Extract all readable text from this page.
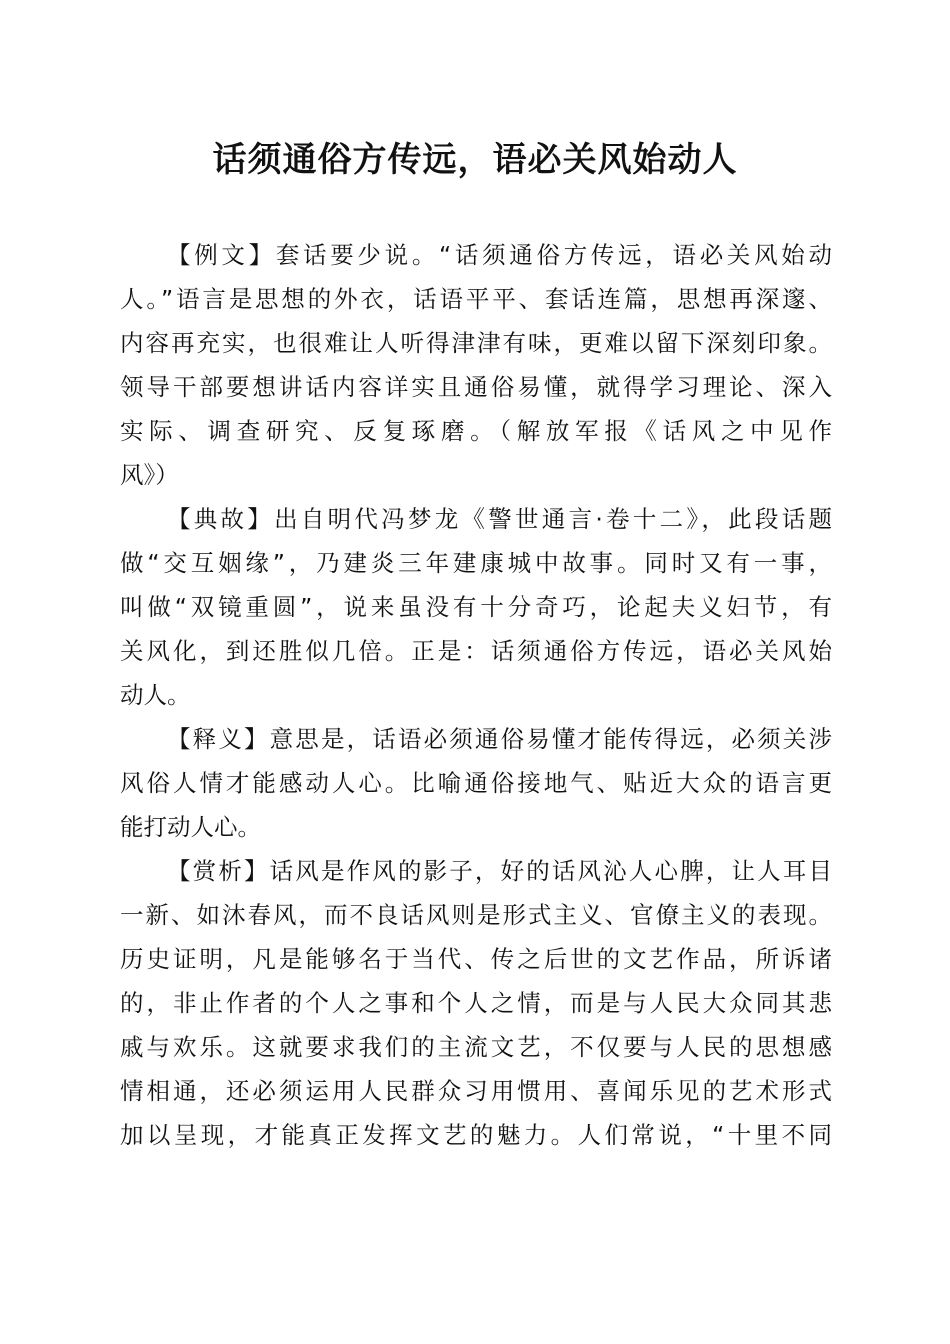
话须通俗方传远，语必关风始动人

【例文】套话要少说。“话须通俗方传远，语必关风始动

人。”语言是思想的外衣，话语平平、套话连篇，思想再深邃、

内容再充实，也很难让人听得津津有味，更难以留下深刻印象。

领导干部要想讲话内容详实且通俗易懂，就得学习理论、深入

实际、调查研究、反复琢磨。（解放军报《话风之中见作

风》）

【典故】出自明代冯梦龙《警世通言·卷十二》，此段话题

做“交互姻缘”，乃建炎三年建康城中故事。同时又有一事，

叫做“双镜重圆”，说来虽没有十分奇巧，论起夫义妇节，有

关风化，到还胜似几倍。正是：话须通俗方传远，语必关风始

动人。

【释义】意思是，话语必须通俗易懂才能传得远，必须关涉

风俗人情才能感动人心。比喻通俗接地气、贴近大众的语言更

能打动人心。

【赏析】话风是作风的影子，好的话风沁人心脾，让人耳目

一新、如沐春风，而不良话风则是形式主义、官僚主义的表现。

历史证明，凡是能够名于当代、传之后世的文艺作品，所诉诸

的，非止作者的个人之事和个人之情，而是与人民大众同其悲

戚与欢乐。这就要求我们的主流文艺，不仅要与人民的思想感

情相通，还必须运用人民群众习用惯用、喜闻乐见的艺术形式

加以呈现，才能真正发挥文艺的魅力。人们常说，“十里不同
